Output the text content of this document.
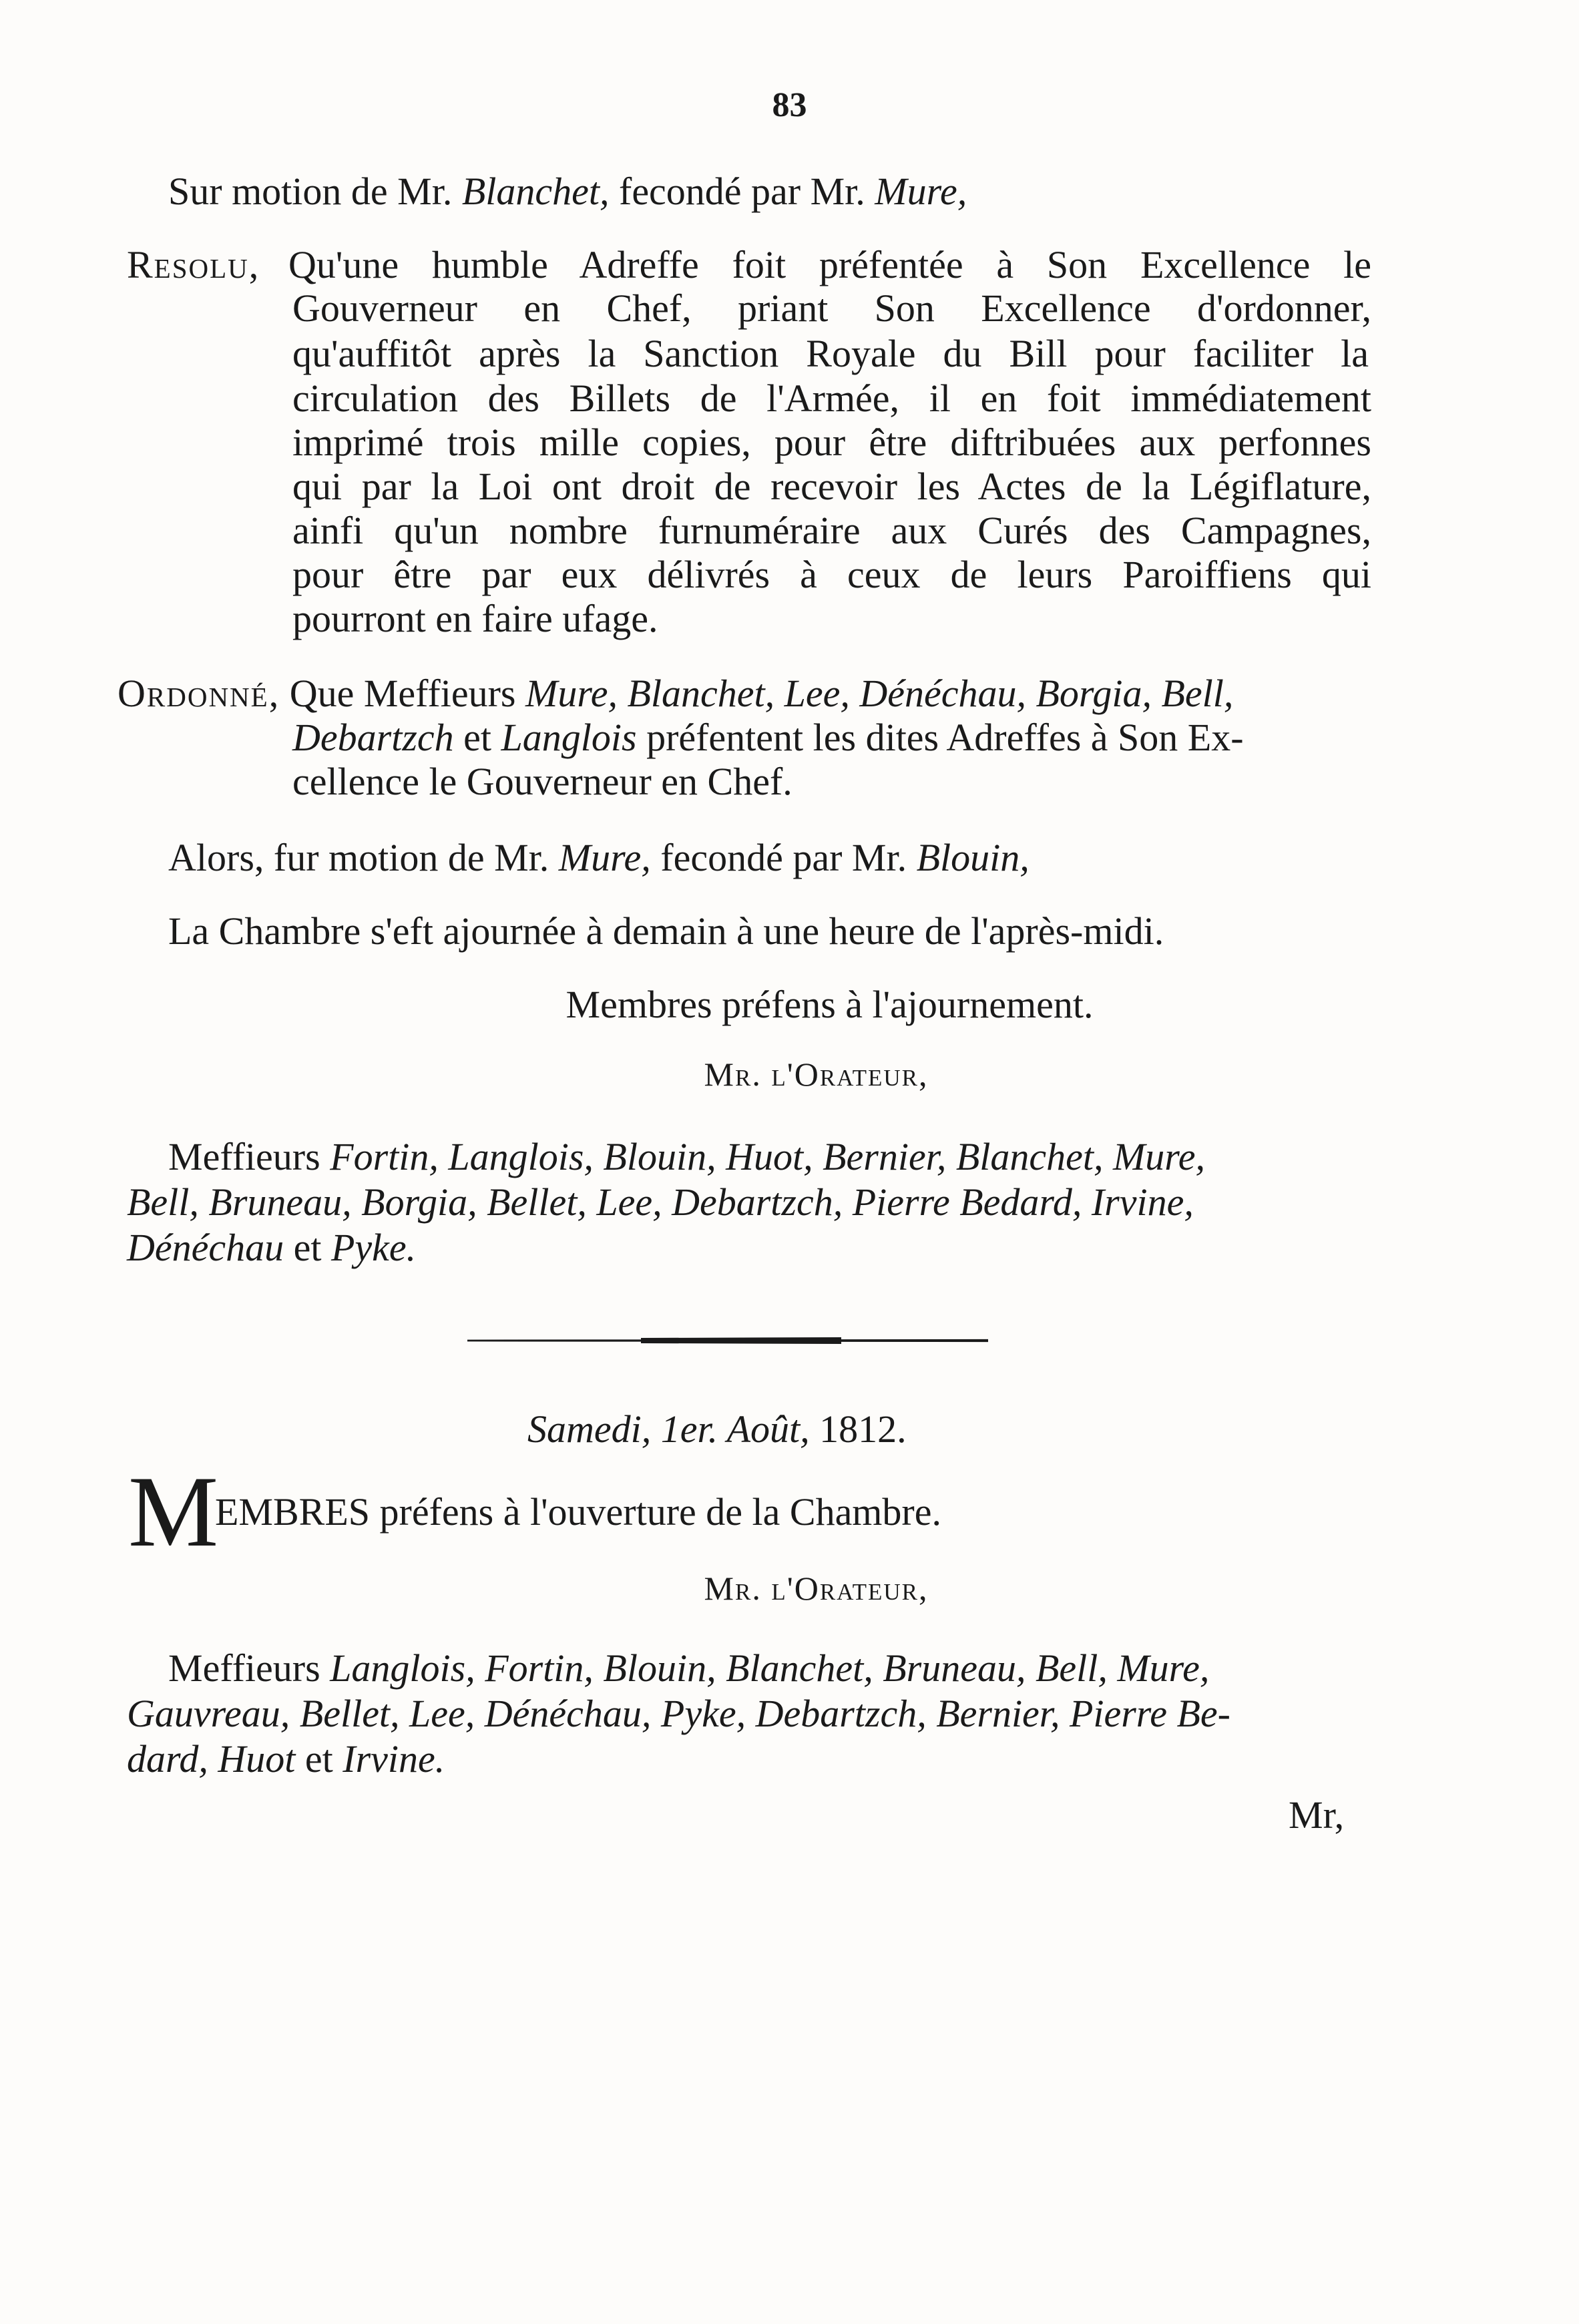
83
Sur motion de Mr. Blanchet, fecondé par Mr. Mure,
Resolu, Qu'une humble Adreffe foit préfentée à Son Excellence le
Gouverneur en Chef, priant Son Excellence d'ordonner,
qu'auffitôt après la Sanction Royale du Bill pour faciliter la
circulation des Billets de l'Armée, il en foit immédiatement
imprimé trois mille copies, pour être diftribuées aux perfonnes
qui par la Loi ont droit de recevoir les Actes de la Légiflature,
ainfi qu'un nombre furnuméraire aux Curés des Campagnes,
pour être par eux délivrés à ceux de leurs Paroiffiens qui
pourront en faire ufage.
Ordonné, Que Meffieurs Mure, Blanchet, Lee, Dénéchau, Borgia, Bell,
Debartzch et Langlois préfentent les dites Adreffes à Son Ex-
cellence le Gouverneur en Chef.
Alors, fur motion de Mr. Mure, fecondé par Mr. Blouin,
La Chambre s'eft ajournée à demain à une heure de l'après-midi.
Membres préfens à l'ajournement.
Mr. l'Orateur,
Meffieurs Fortin, Langlois, Blouin, Huot, Bernier, Blanchet, Mure,
Bell, Bruneau, Borgia, Bellet, Lee, Debartzch, Pierre Bedard, Irvine,
Dénéchau et Pyke.
Samedi, 1er. Août, 1812.
M
EMBRES préfens à l'ouverture de la Chambre.
Mr. l'Orateur,
Meffieurs Langlois, Fortin, Blouin, Blanchet, Bruneau, Bell, Mure,
Gauvreau, Bellet, Lee, Dénéchau, Pyke, Debartzch, Bernier, Pierre Be-
dard, Huot et Irvine.
Mr,
